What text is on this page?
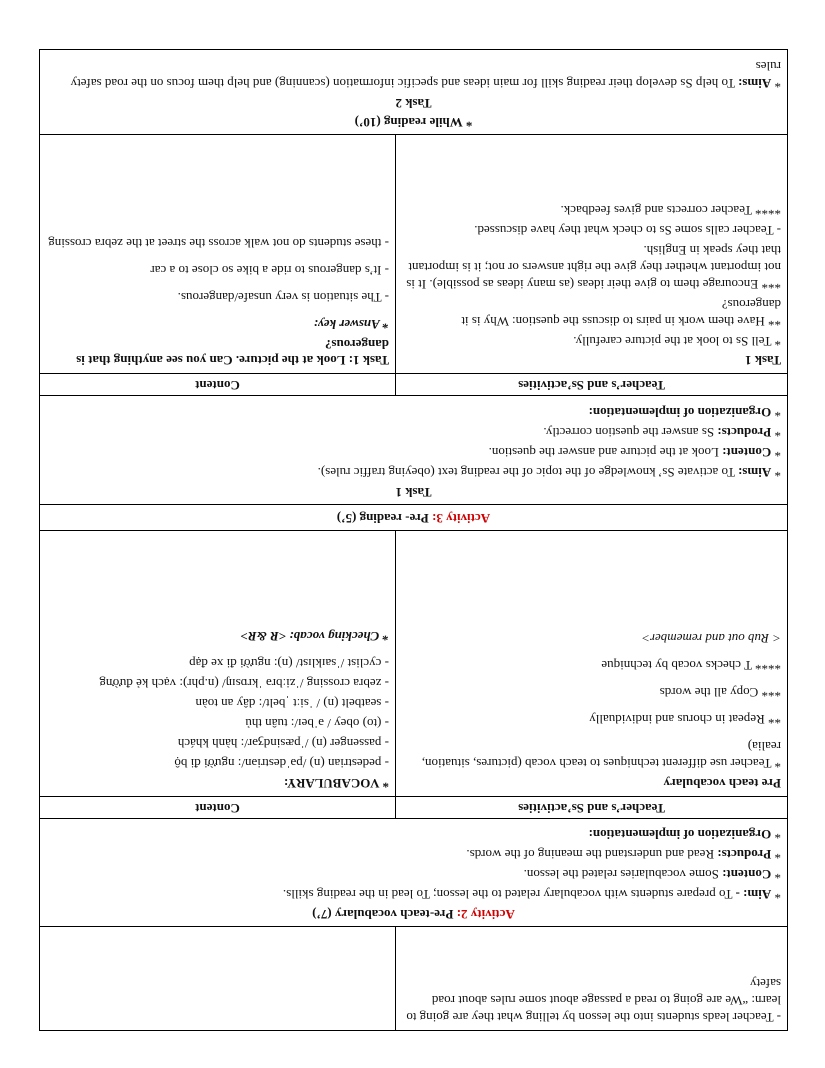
- Teacher leads students into the lesson by telling what they are going to learn: “We are going to read a passage about some rules about road safety

Activity 2: Pre-teach vocabulary (7’)

* Aim: - To prepare students with vocabulary related to the lesson; To lead in the reading skills.

* Content: Some vocabularies related the lesson.

* Products: Read and understand the meaning of the words.

* Organization of implementation:

Teacher’s and Ss’activities
Content

Pre teach vocabulary

* Teacher use different techniques to teach vocab (pictures, situation, realia)

** Repeat in chorus and individually

*** Copy all the words

**** T checks vocab by technique

< Rub out and remember>

* VOCABULARY:

- pedestrian (n) /pəˈdestriən/: người đi bộ

- passenger (n) /ˈpæsindʒər/: hành khách

- (to) obey / əˈbeɪ/: tuân thủ

- seatbelt (n) / ˈsiːt ˌbelt/: dây an toàn

- zebra crossing /ˈziːbrə ˈkrɒsɪŋ/ (n.phr): vạch kẻ đường

- cyclist /ˈsaɪklɪst/ (n): người đi xe đạp

* Checking vocab: <R &R>

Activity 3: Pre- reading (5’)

Task 1

* Aims: To activate Ss’ knowledge of the topic of the reading text (obeying traffic rules).

* Content: Look at the picture and answer the question.

* Products: Ss answer the question correctly.

* Organization of implementation:

Teacher’s and Ss’activities
Content

Task 1

* Tell Ss to look at the picture carefully.

** Have them work in pairs to discuss the question: Why is it dangerous?

*** Encourage them to give their ideas (as many ideas as possible). It is not important whether they give the right answers or not; it is important that they speak in English.

- Teacher calls some Ss to check what they have discussed.

**** Teacher corrects and gives feedback.

Task 1: Look at the picture. Can you see anything that is dangerous?

* Answer key:

- The situation is very unsafe/dangerous.

- It’s dangerous to ride a bike so close to a car

- these students do not walk across the street at the zebra crossing

* While reading (10’)

Task 2

* Aims: To help Ss develop their reading skill for main ideas and specific information (scanning) and help them focus on the road safety rules
